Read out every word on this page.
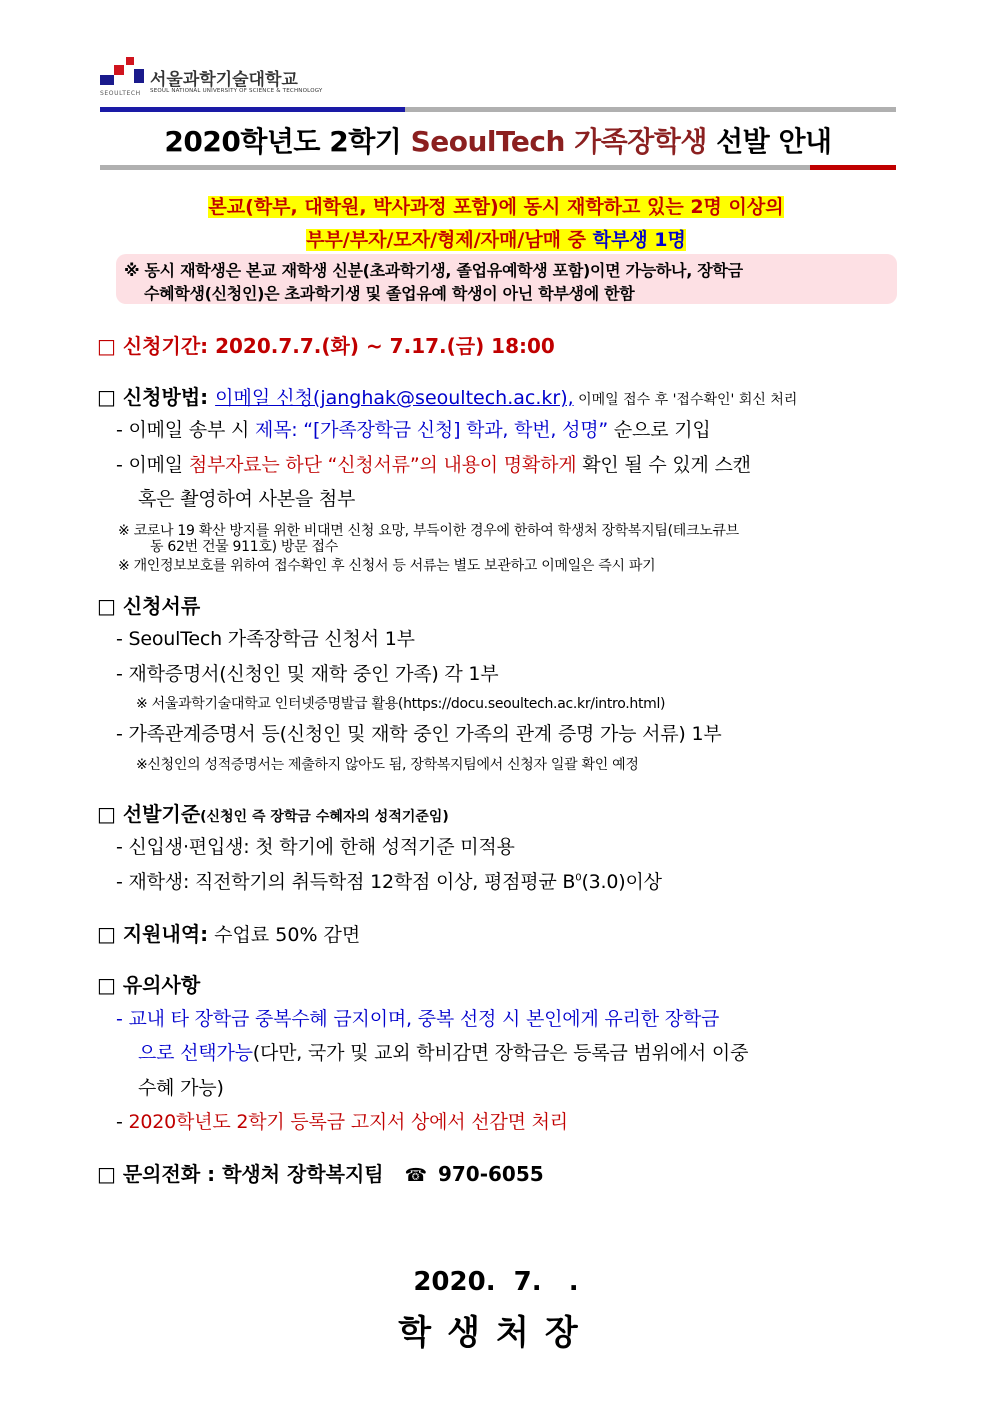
SEOULTECH
서울과학기술대학교
SEOUL NATIONAL UNIVERSITY OF SCIENCE & TECHNOLOGY
2020학년도 2학기 SeoulTech 가족장학생 선발 안내
본교(학부, 대학원, 박사과정 포함)에 동시 재학하고 있는 2명 이상의
부부/부자/모자/형제/자매/남매 중 학부생 1명
※ 동시 재학생은 본교 재학생 신분(초과학기생, 졸업유예학생 포함)이면 가능하나, 장학금
수혜학생(신청인)은 초과학기생 및 졸업유예 학생이 아닌 학부생에 한함
□ 신청기간: 2020.7.7.(화) ~ 7.17.(금) 18:00
□ 신청방법: 이메일 신청(janghak@seoultech.ac.kr), 이메일 접수 후 '접수확인' 회신 처리
- 이메일 송부 시 제목: “[가족장학금 신청] 학과, 학번, 성명” 순으로 기입
- 이메일 첨부자료는 하단 “신청서류”의 내용이 명확하게 확인 될 수 있게 스캔
혹은 촬영하여 사본을 첨부
※ 코로나 19 확산 방지를 위한 비대면 신청 요망, 부득이한 경우에 한하여 학생처 장학복지팀(테크노큐브
동 62번 건물 911호) 방문 접수
※ 개인정보보호를 위하여 접수확인 후 신청서 등 서류는 별도 보관하고 이메일은 즉시 파기
□ 신청서류
- SeoulTech 가족장학금 신청서 1부
- 재학증명서(신청인 및 재학 중인 가족) 각 1부
※ 서울과학기술대학교 인터넷증명발급 활용(https://docu.seoultech.ac.kr/intro.html)
- 가족관계증명서 등(신청인 및 재학 중인 가족의 관계 증명 가능 서류) 1부
※신청인의 성적증명서는 제출하지 않아도 됨, 장학복지팀에서 신청자 일괄 확인 예정
□ 선발기준(신청인 즉 장학금 수혜자의 성적기준임)
- 신입생·편입생: 첫 학기에 한해 성적기준 미적용
- 재학생: 직전학기의 취득학점 12학점 이상, 평점평균 $B^0(3.0)$이상
□ 지원내역: 수업료 50% 감면
□ 유의사항
- 교내 타 장학금 중복수혜 금지이며, 중복 선정 시 본인에게 유리한 장학금
으로 선택가능(다만, 국가 및 교외 학비감면 장학금은 등록금 범위에서 이중
수혜 가능)
- 2020학년도 2학기 등록금 고지서 상에서 선감면 처리
□ 문의전화 : 학생처 장학복지팀 ☎ 970-6055
2020.  7.   .
학생처장
